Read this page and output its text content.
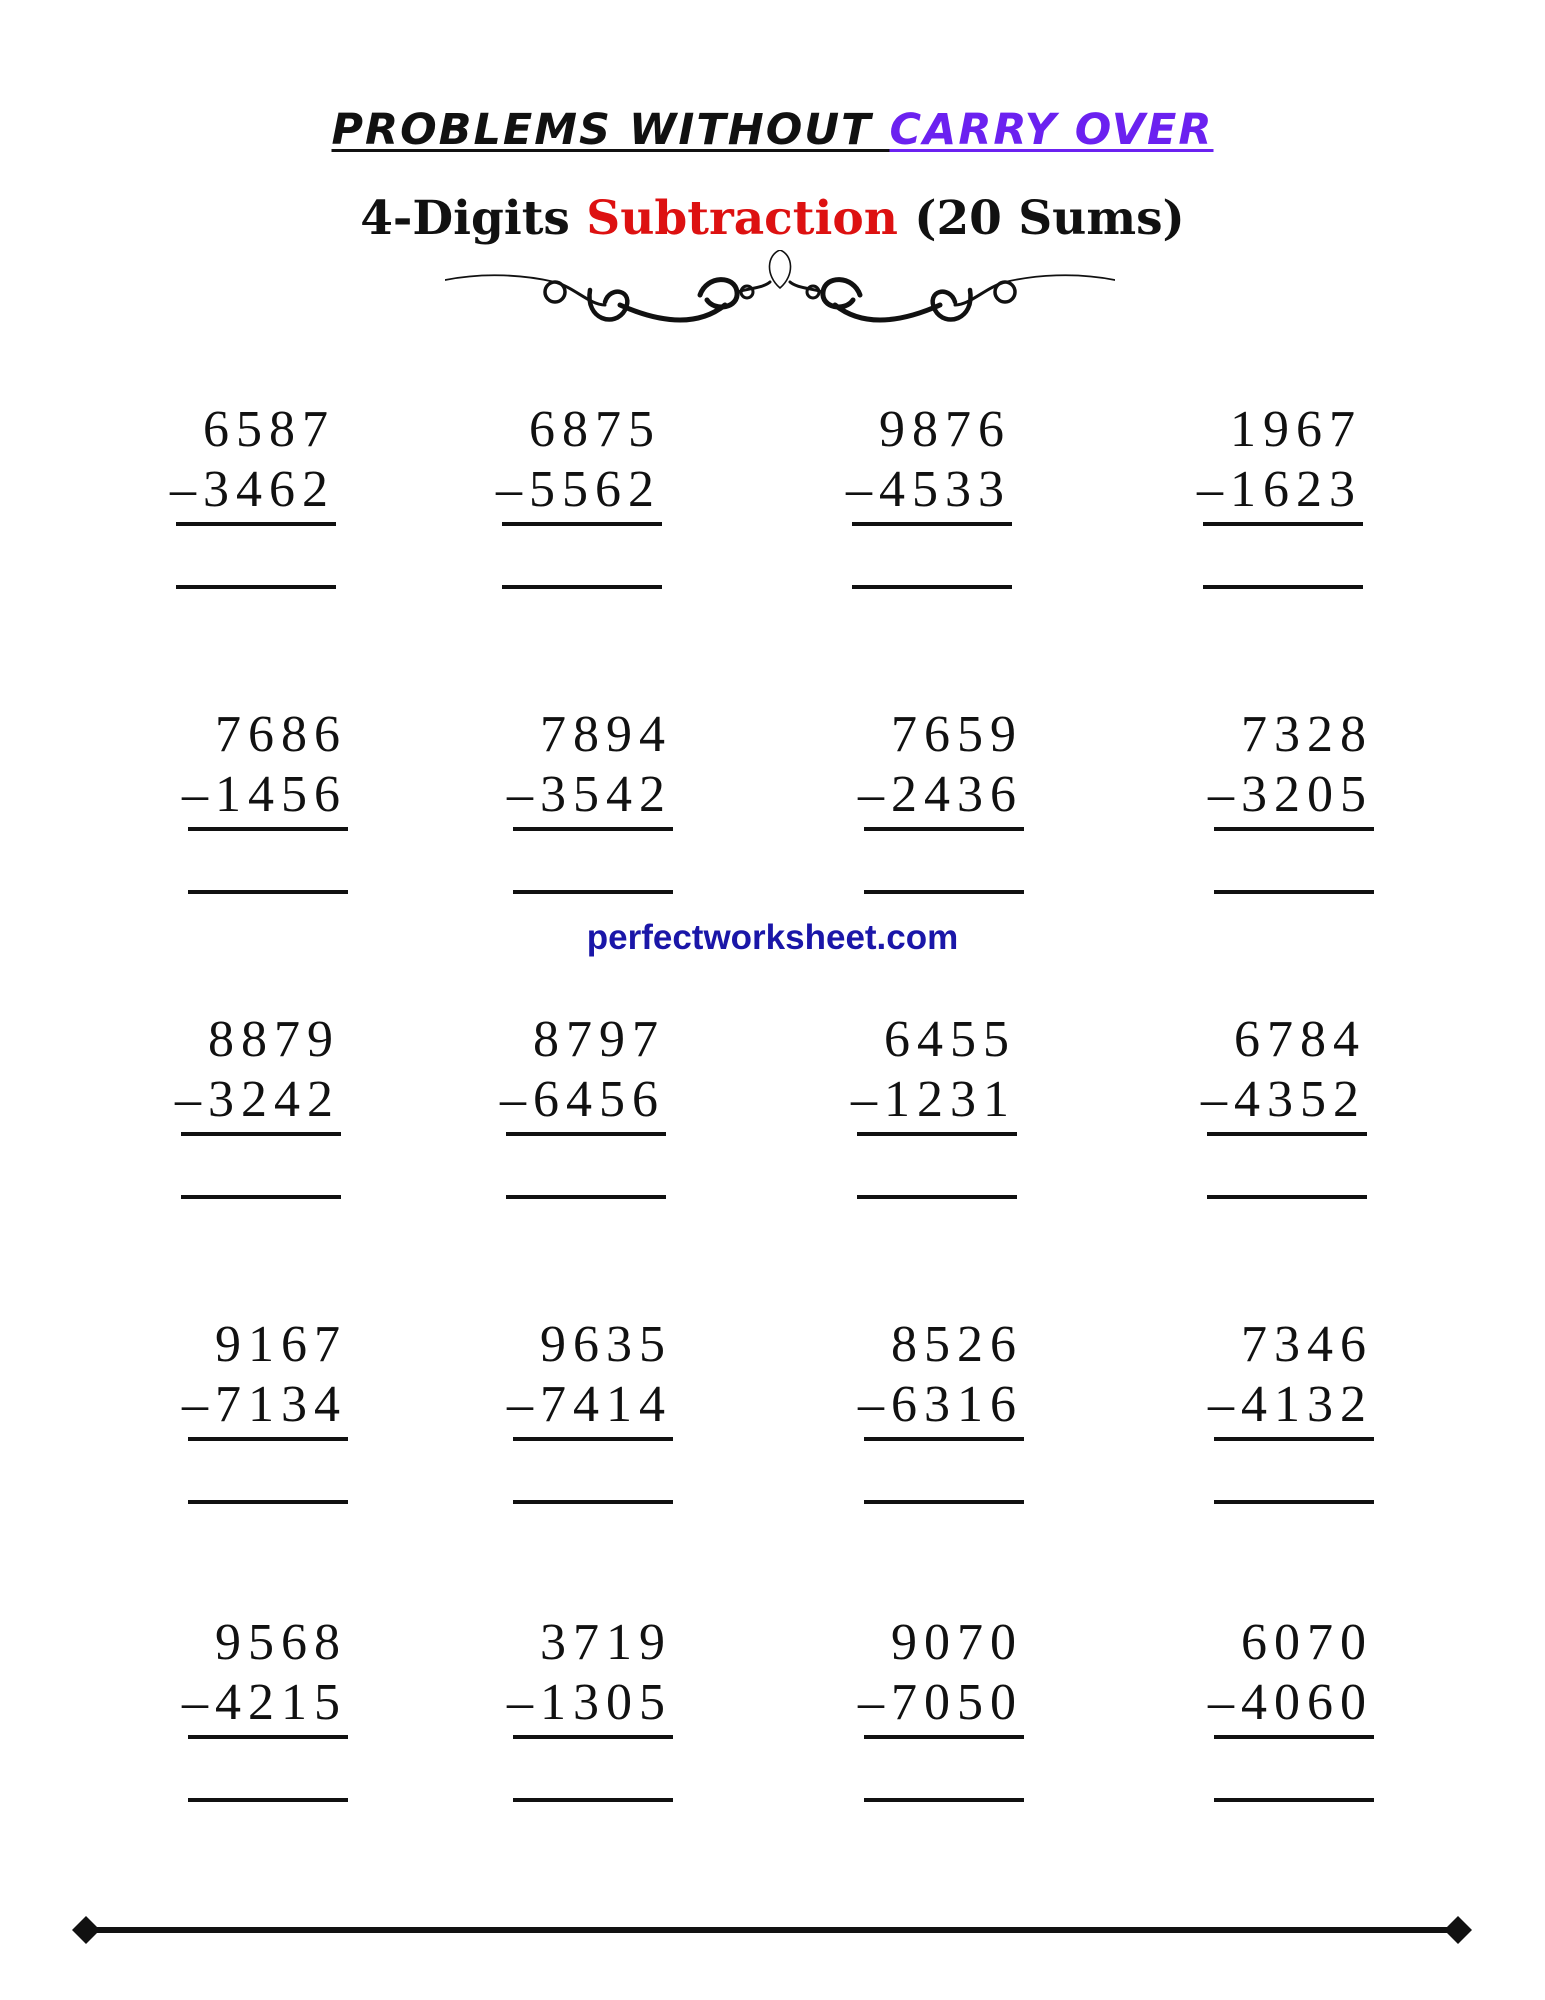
PROBLEMS WITHOUT CARRY OVER
4-Digits Subtraction (20 Sums)
6587
–3462
6875
–5562
9876
–4533
1967
–1623
7686
–1456
7894
–3542
7659
–2436
7328
–3205
perfectworksheet.com
8879
–3242
8797
–6456
6455
–1231
6784
–4352
9167
–7134
9635
–7414
8526
–6316
7346
–4132
9568
–4215
3719
–1305
9070
–7050
6070
–4060
